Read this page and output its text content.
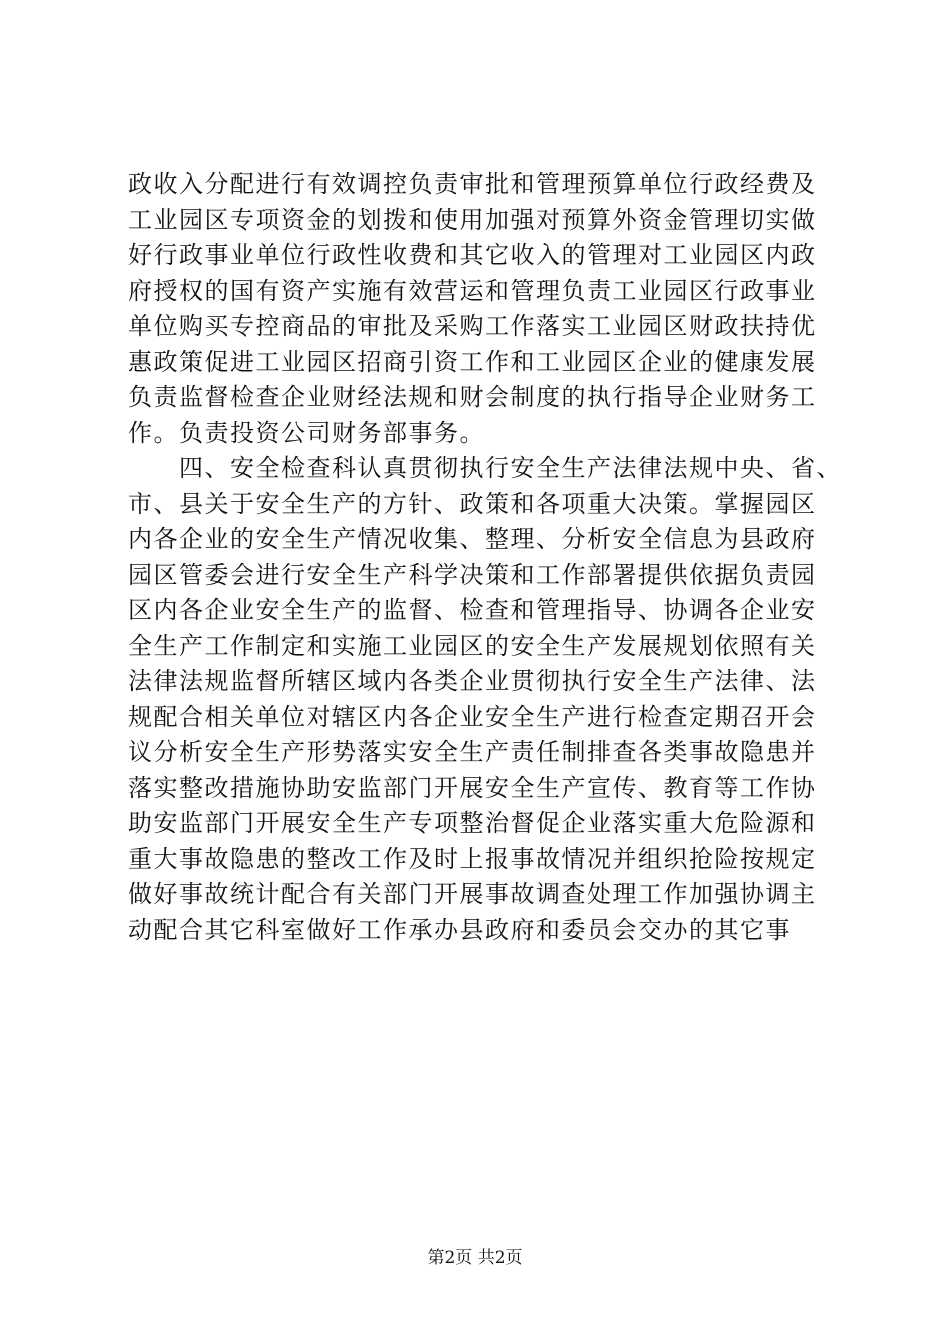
政收入分配进行有效调控负责审批和管理预算单位行政经费及
工业园区专项资金的划拨和使用加强对预算外资金管理切实做
好行政事业单位行政性收费和其它收入的管理对工业园区内政
府授权的国有资产实施有效营运和管理负责工业园区行政事业
单位购买专控商品的审批及采购工作落实工业园区财政扶持优
惠政策促进工业园区招商引资工作和工业园区企业的健康发展
负责监督检查企业财经法规和财会制度的执行指导企业财务工
作。负责投资公司财务部事务。
　　四、安全检查科认真贯彻执行安全生产法律法规中央、省、
市、县关于安全生产的方针、政策和各项重大决策。掌握园区
内各企业的安全生产情况收集、整理、分析安全信息为县政府
园区管委会进行安全生产科学决策和工作部署提供依据负责园
区内各企业安全生产的监督、检查和管理指导、协调各企业安
全生产工作制定和实施工业园区的安全生产发展规划依照有关
法律法规监督所辖区域内各类企业贯彻执行安全生产法律、法
规配合相关单位对辖区内各企业安全生产进行检查定期召开会
议分析安全生产形势落实安全生产责任制排查各类事故隐患并
落实整改措施协助安监部门开展安全生产宣传、教育等工作协
助安监部门开展安全生产专项整治督促企业落实重大危险源和
重大事故隐患的整改工作及时上报事故情况并组织抢险按规定
做好事故统计配合有关部门开展事故调查处理工作加强协调主
动配合其它科室做好工作承办县政府和委员会交办的其它事
第2页 共2页
